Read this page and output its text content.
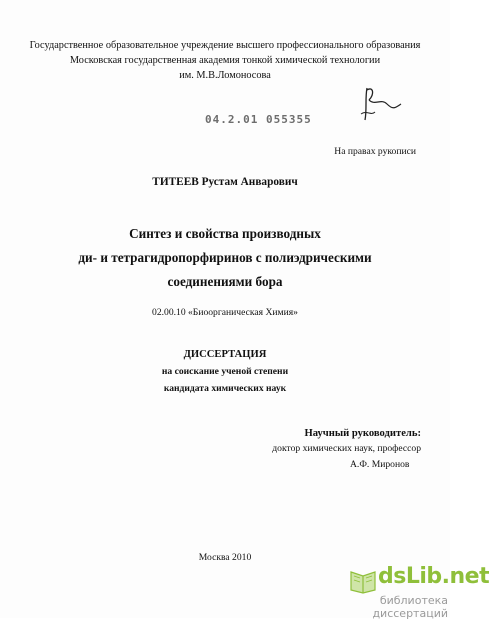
Государственное образовательное учреждение высшего профессионального образования
Московская государственная академия тонкой химической технологии
им. М.В.Ломоносова
04.2.01 055355
На правах рукописи
ТИТЕЕВ Рустам Анварович
Синтез и свойства производных
ди- и тетрагидропорфиринов с полиэдрическими
соединениями бора
02.00.10 «Биоорганическая Химия»
ДИССЕРТАЦИЯ
на соискание ученой степени
кандидата химических наук
Научный руководитель:
доктор химических наук, профессор
А.Ф. Миронов
Москва 2010
dsLib.net
библиотека диссертаций
